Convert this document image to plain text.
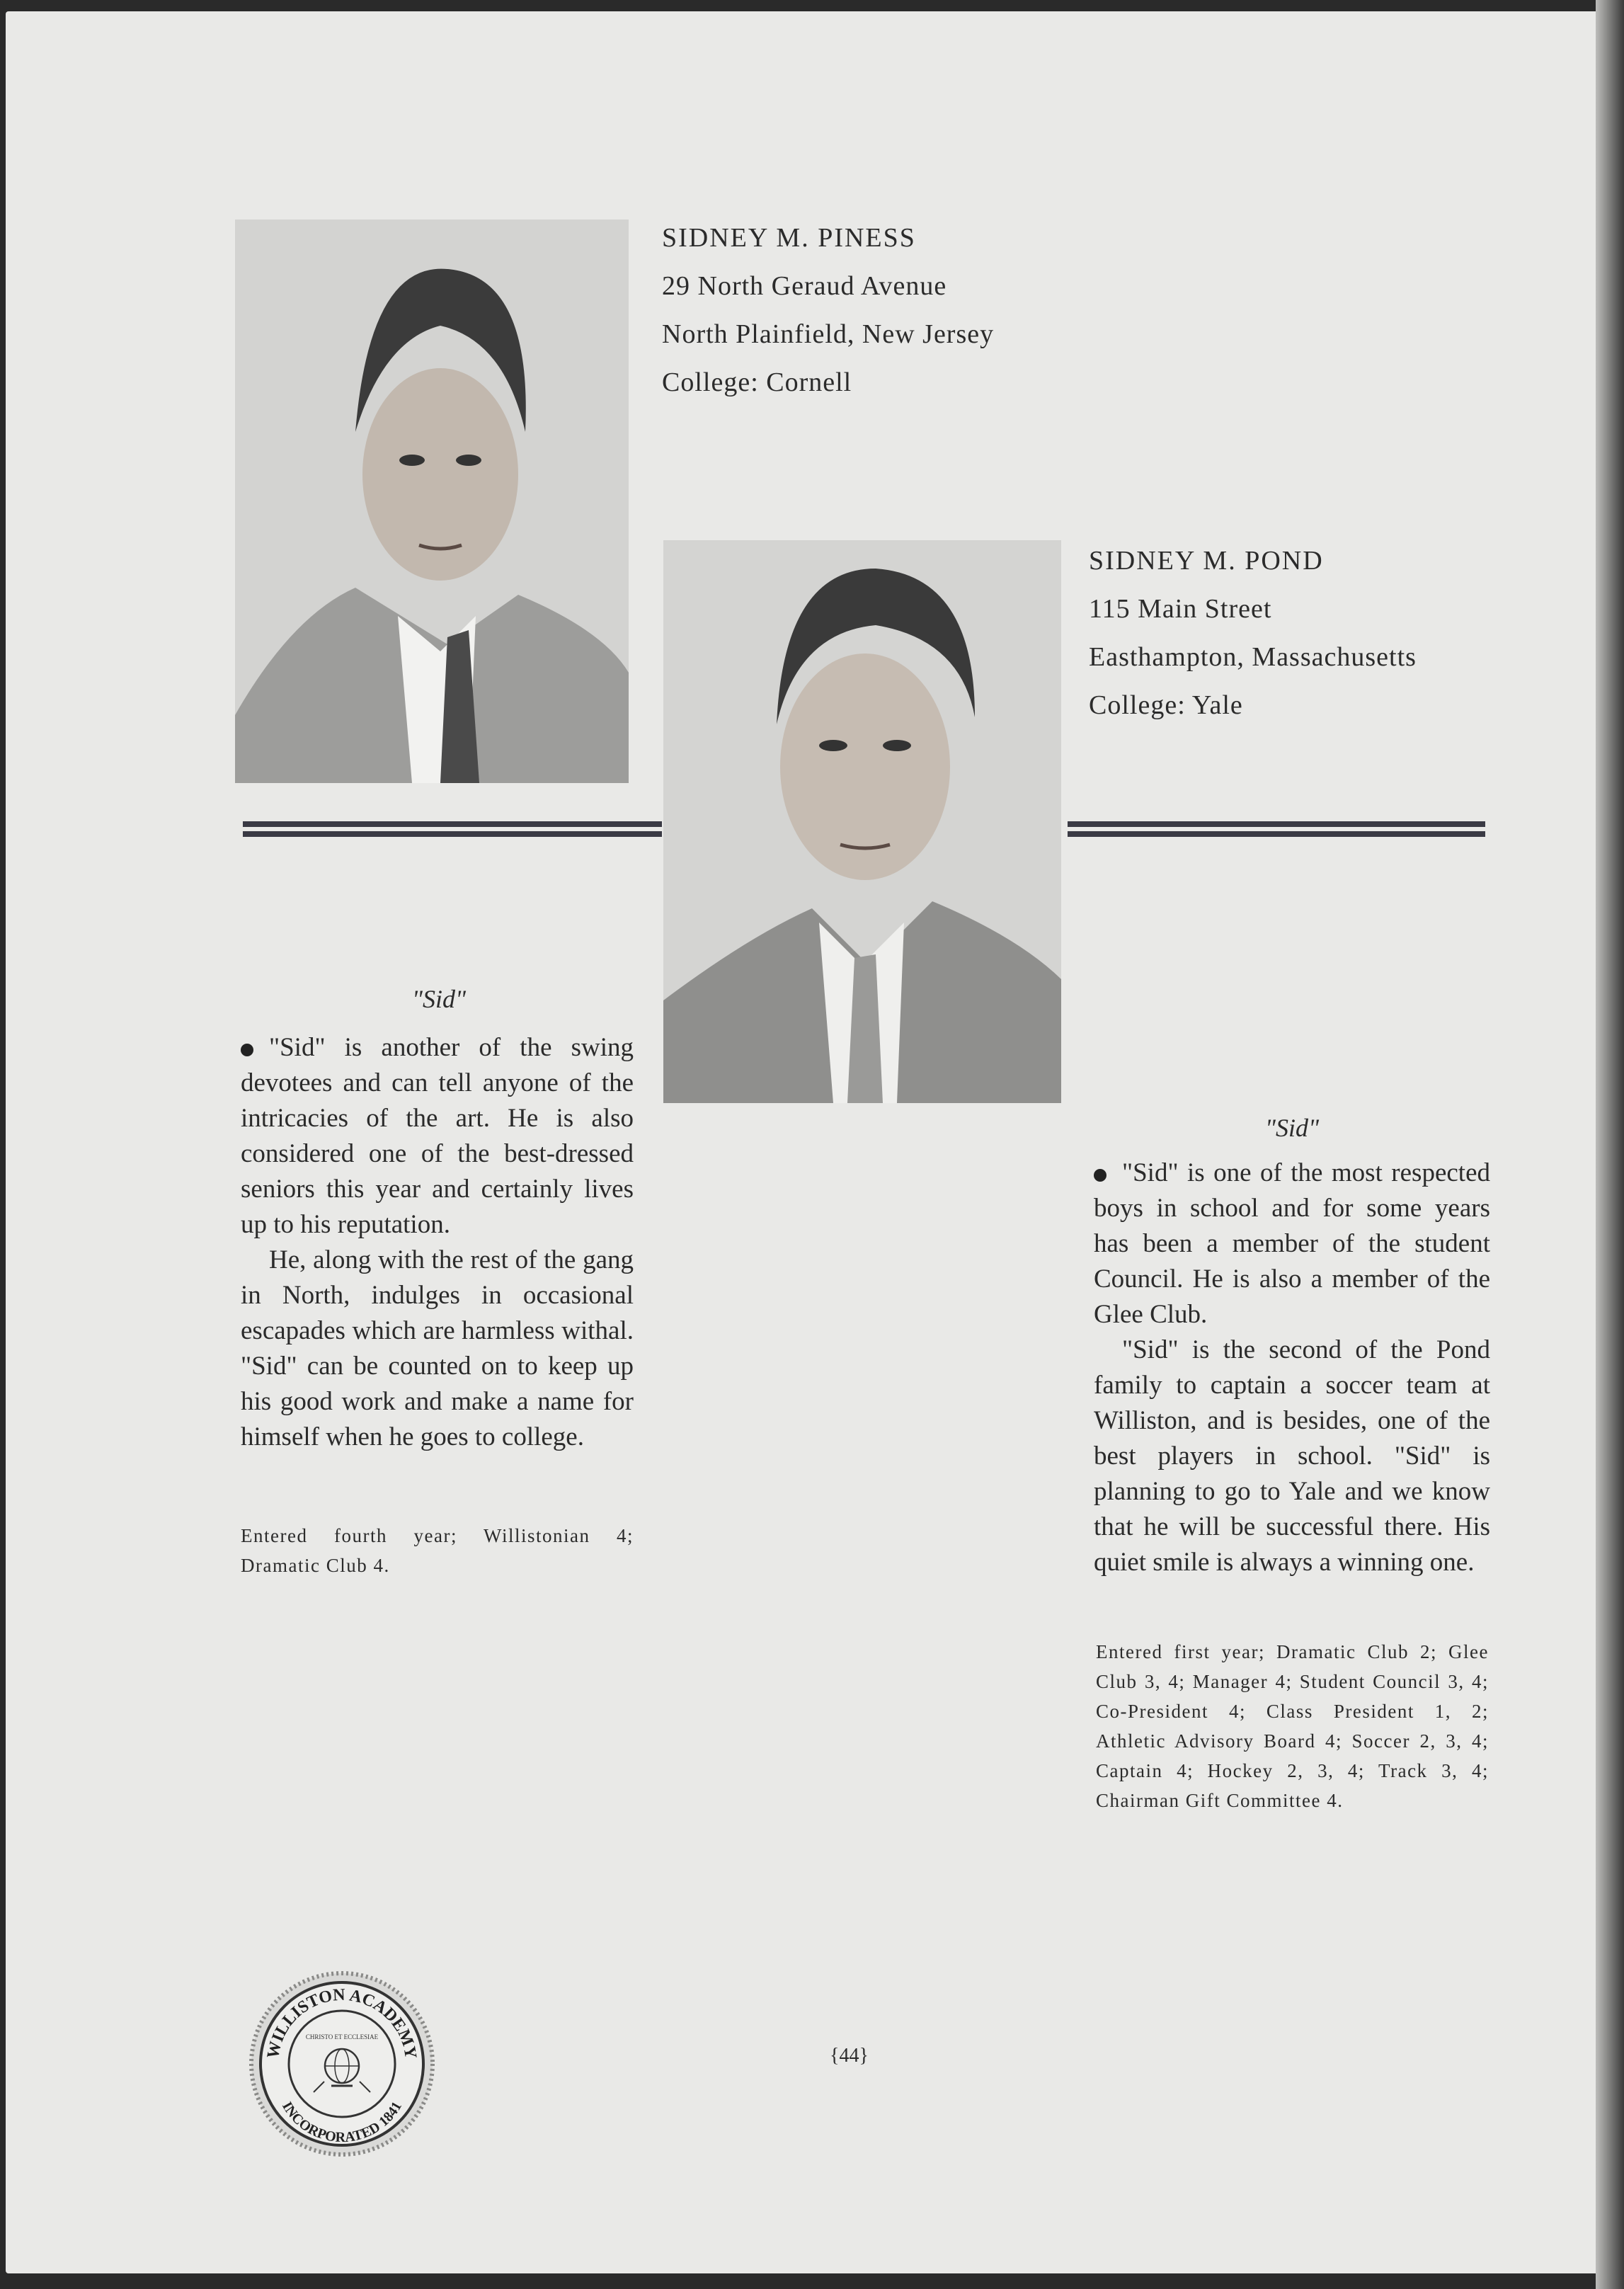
SIDNEY M. PINESS
29 North Geraud Avenue
North Plainfield, New Jersey
College: Cornell
SIDNEY M. POND
115 Main Street
Easthampton, Massachusetts
College: Yale
"Sid"

"Sid" is another of the swing devotees and can tell anyone of the intricacies of the art. He is also considered one of the best-dressed seniors this year and certainly lives up to his reputation.

He, along with the rest of the gang in North, indulges in occasional escapades which are harmless withal. "Sid" can be counted on to keep up his good work and make a name for himself when he goes to college.

Entered fourth year; Willistonian 4; Dramatic Club 4.
"Sid"

"Sid" is one of the most respected boys in school and for some years has been a member of the student Council. He is also a member of the Glee Club.

"Sid" is the second of the Pond family to captain a soccer team at Williston, and is besides, one of the best players in school. "Sid" is planning to go to Yale and we know that he will be successful there. His quiet smile is always a winning one.

Entered first year; Dramatic Club 2; Glee Club 3, 4; Manager 4; Student Council 3, 4; Co-President 4; Class President 1, 2; Athletic Advisory Board 4; Soccer 2, 3, 4; Captain 4; Hockey 2, 3, 4; Track 3, 4; Chairman Gift Committee 4.
WILLISTON ACADEMY
INCORPORATED 1841
CHRISTO ET ECCLESIAE
{44}
